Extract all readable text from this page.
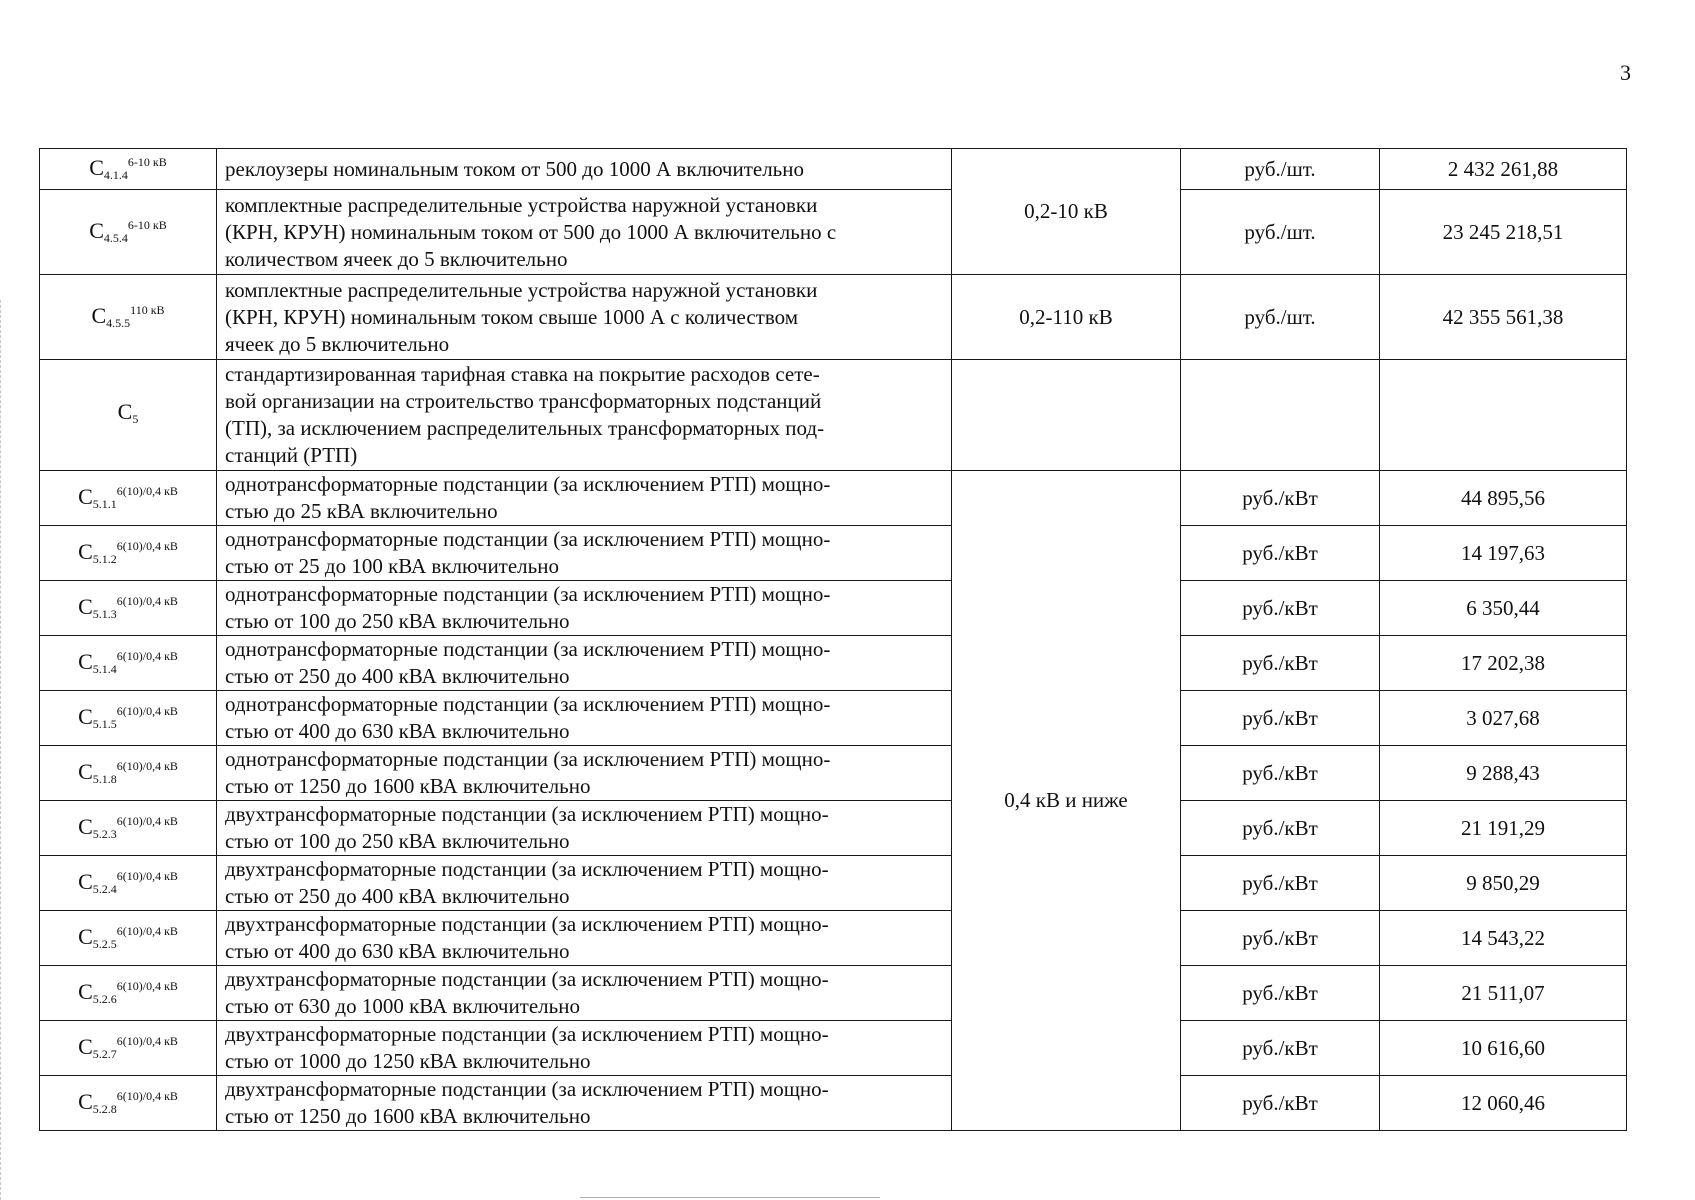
3
$C_{4.1.4}^{6-10 кВ}$	реклоузеры номинальным током от 500 до 1000 А включительно	0,2-10 кВ	руб./шт.	2 432 261,88
$C_{4.5.4}^{6-10 кВ}$	комплектные распределительные устройства наружной установки
(КРН, КРУН) номинальным током от 500 до 1000 А включительно с
количеством ячеек до 5 включительно		руб./шт.	23 245 218,51
$C_{4.5.5}^{110 кВ}$	комплектные распределительные устройства наружной установки
(КРН, КРУН) номинальным током свыше 1000 А с количеством
ячеек до 5 включительно	0,2-110 кВ	руб./шт.	42 355 561,38
$C_5$	стандартизированная тарифная ставка на покрытие расходов сете-
вой организации на строительство трансформаторных подстанций
(ТП), за исключением распределительных трансформаторных под-
станций (РТП)			

$C_{5.1.1}^{6(10)/0,4 кВ}$	однотрансформаторные подстанции (за исключением РТП) мощно-
стью до 25 кВА включительно	0,4 кВ и ниже	руб./кВт	44 895,56
$C_{5.1.2}^{6(10)/0,4 кВ}$	однотрансформаторные подстанции (за исключением РТП) мощно-
стью от 25 до 100 кВА включительно		руб./кВт	14 197,63
$C_{5.1.3}^{6(10)/0,4 кВ}$	однотрансформаторные подстанции (за исключением РТП) мощно-
стью от 100 до 250 кВА включительно		руб./кВт	6 350,44
$C_{5.1.4}^{6(10)/0,4 кВ}$	однотрансформаторные подстанции (за исключением РТП) мощно-
стью от 250 до 400 кВА включительно		руб./кВт	17 202,38
$C_{5.1.5}^{6(10)/0,4 кВ}$	однотрансформаторные подстанции (за исключением РТП) мощно-
стью от 400 до 630 кВА включительно		руб./кВт	3 027,68
$C_{5.1.8}^{6(10)/0,4 кВ}$	однотрансформаторные подстанции (за исключением РТП) мощно-
стью от 1250 до 1600 кВА включительно		руб./кВт	9 288,43
$C_{5.2.3}^{6(10)/0,4 кВ}$	двухтрансформаторные подстанции (за исключением РТП) мощно-
стью от 100 до 250 кВА включительно		руб./кВт	21 191,29
$C_{5.2.4}^{6(10)/0,4 кВ}$	двухтрансформаторные подстанции (за исключением РТП) мощно-
стью от 250 до 400 кВА включительно		руб./кВт	9 850,29
$C_{5.2.5}^{6(10)/0,4 кВ}$	двухтрансформаторные подстанции (за исключением РТП) мощно-
стью от 400 до 630 кВА включительно		руб./кВт	14 543,22
$C_{5.2.6}^{6(10)/0,4 кВ}$	двухтрансформаторные подстанции (за исключением РТП) мощно-
стью от 630 до 1000 кВА включительно		руб./кВт	21 511,07
$C_{5.2.7}^{6(10)/0,4 кВ}$	двухтрансформаторные подстанции (за исключением РТП) мощно-
стью от 1000 до 1250 кВА включительно		руб./кВт	10 616,60
$C_{5.2.8}^{6(10)/0,4 кВ}$	двухтрансформаторные подстанции (за исключением РТП) мощно-
стью от 1250 до 1600 кВА включительно		руб./кВт	12 060,46
